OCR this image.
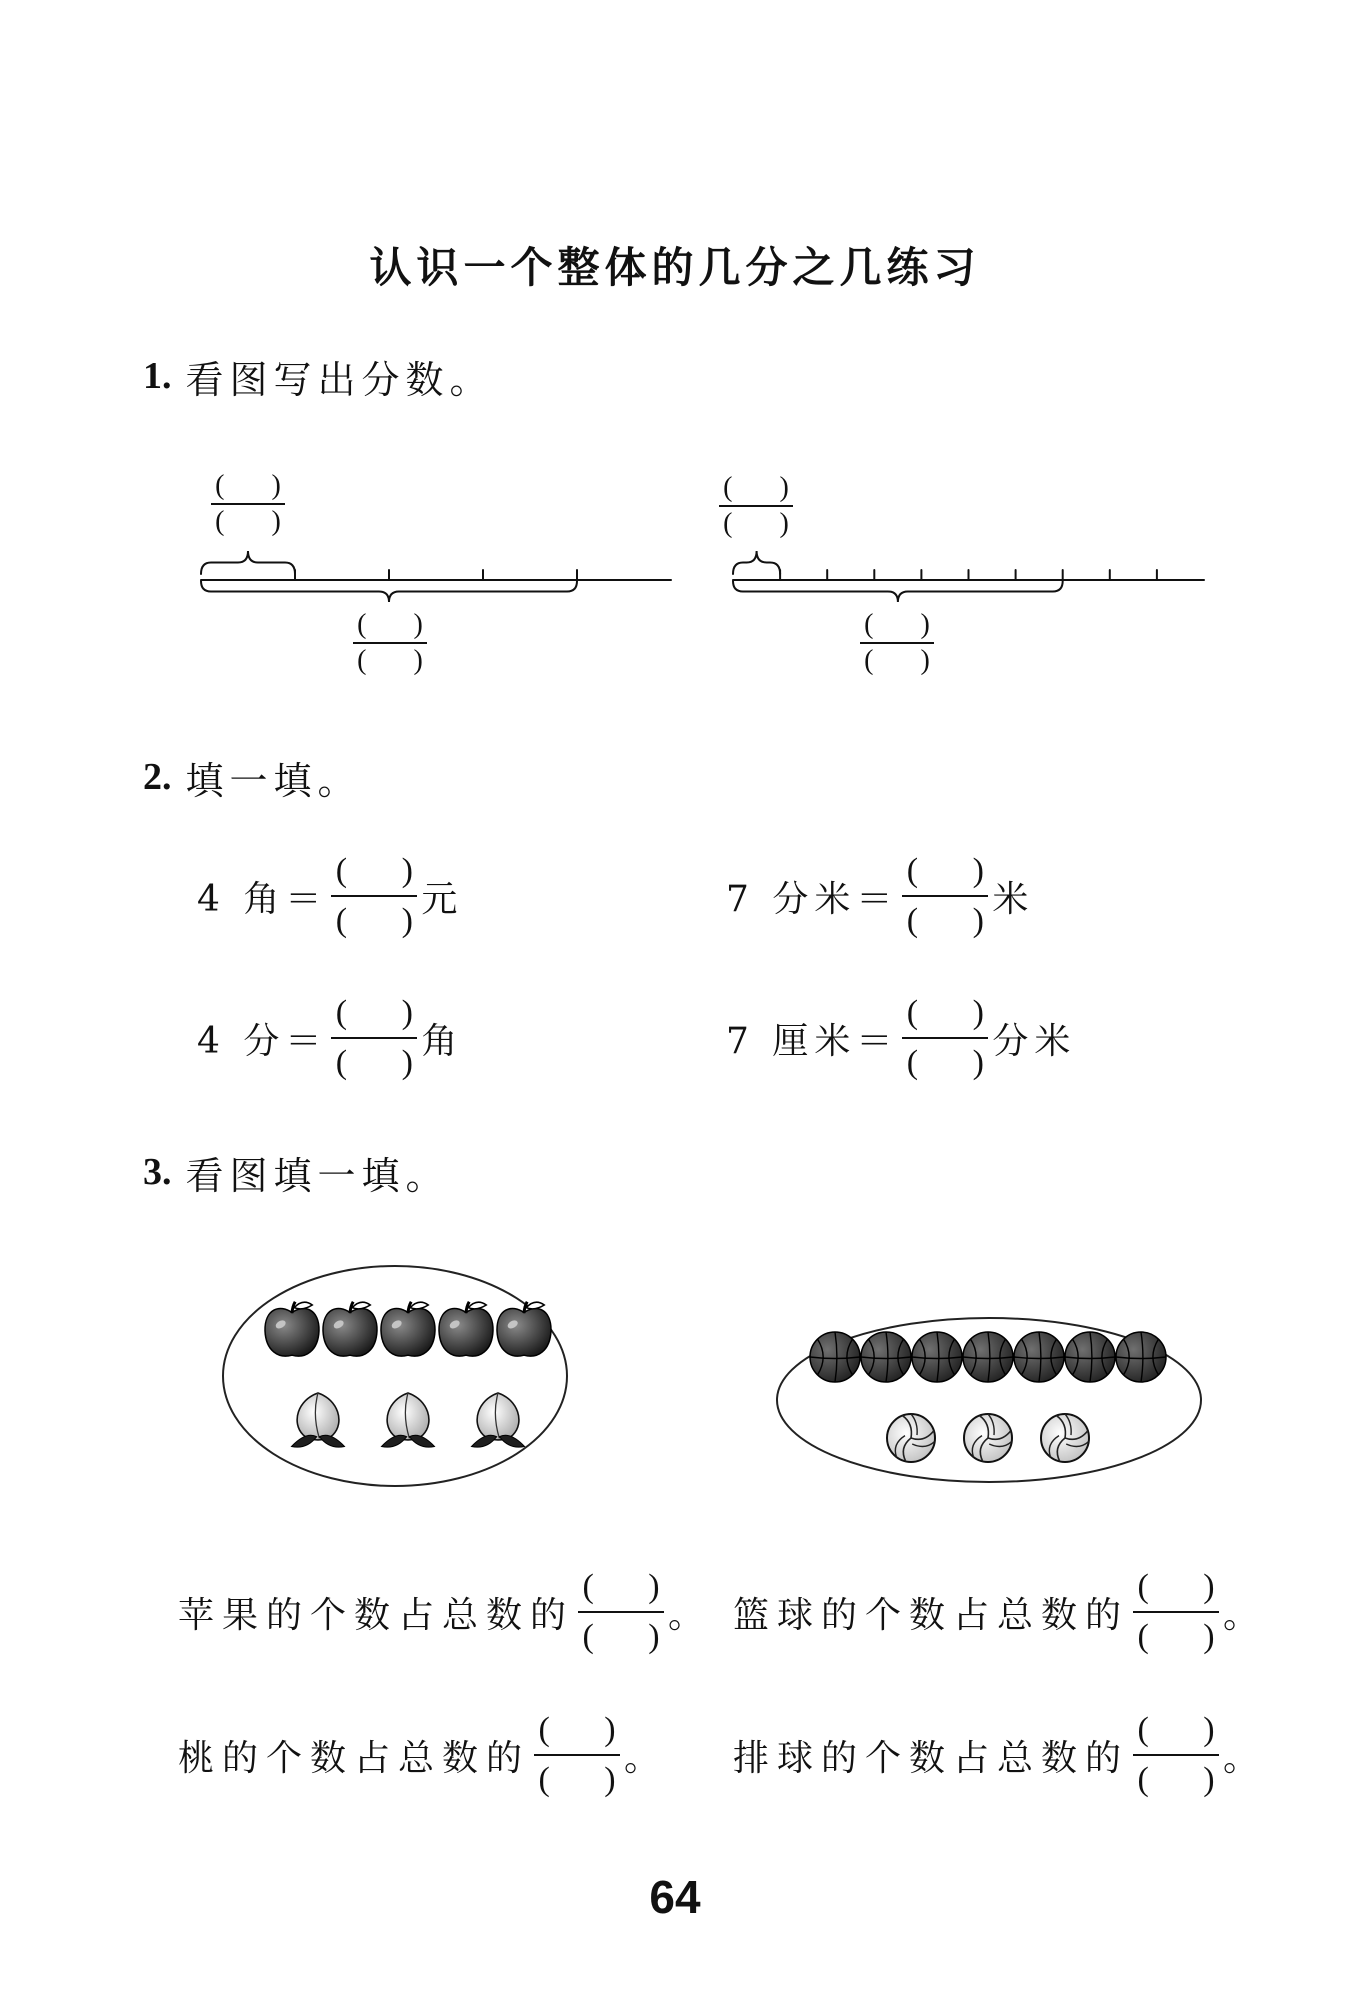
认识一个整体的几分之几练习
1. 看图写出分数。
( )
( )
( )
( )
( )
( )
( )
( )
2. 填一填。
4 角＝ $\frac{( )}{( )}$ 元	7 分米＝ $\frac{( )}{( )}$ 米
4 分＝ $\frac{( )}{( )}$ 角	7 厘米＝ $\frac{( )}{( )}$ 分米
3. 看图填一填。
苹果的个数占总数的 $\frac{( )}{( )}$ 。 篮球的个数占总数的 $\frac{( )}{( )}$ 。
桃的个数占总数的 $\frac{( )}{( )}$ 。 排球的个数占总数的 $\frac{( )}{( )}$ 。
64
